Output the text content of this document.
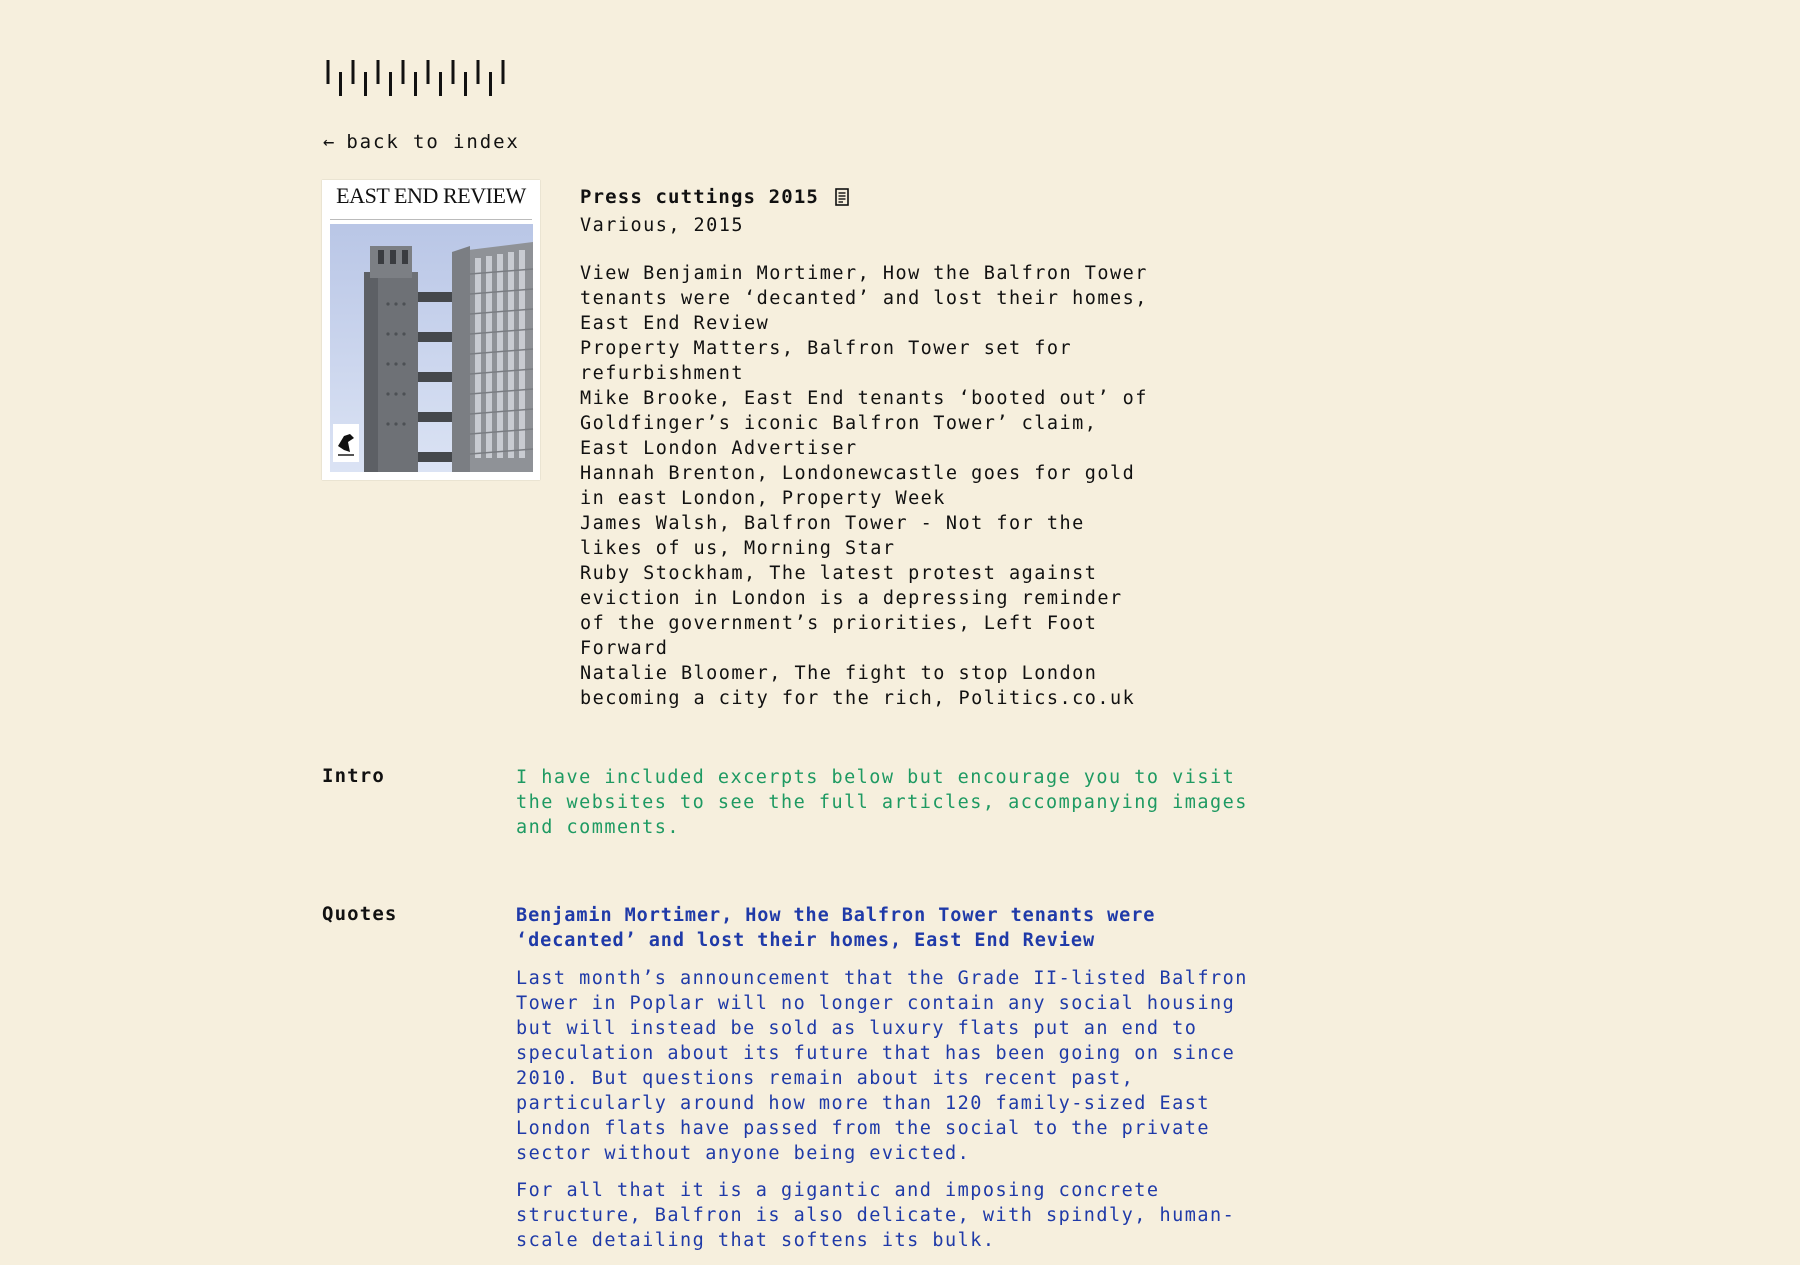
← back to index
EAST END REVIEW	Press cuttings 2015
Various, 2015
View Benjamin Mortimer, How the Balfron Tower tenants were ‘decanted’ and lost their homes, East End Review
Property Matters, Balfron Tower set for refurbishment
Mike Brooke, East End tenants ‘booted out’ of Goldfinger’s iconic Balfron Tower’ claim, East London Advertiser
Hannah Brenton, Londonewcastle goes for gold in east London, Property Week
James Walsh, Balfron Tower - Not for the likes of us, Morning Star
Ruby Stockham, The latest protest against eviction in London is a depressing reminder of the government’s priorities, Left Foot Forward
Natalie Bloomer, The fight to stop London becoming a city for the rich, Politics.co.uk
Intro	I have included excerpts below but encourage you to visit the websites to see the full articles, accompanying images and comments.
Quotes	Benjamin Mortimer, How the Balfron Tower tenants were ‘decanted’ and lost their homes, East End Review

Last month’s announcement that the Grade II-listed Balfron Tower in Poplar will no longer contain any social housing but will instead be sold as luxury flats put an end to speculation about its future that has been going on since 2010. But questions remain about its recent past, particularly around how more than 120 family-sized East London flats have passed from the social to the private sector without anyone being evicted.

For all that it is a gigantic and imposing concrete structure, Balfron is also delicate, with spindly, human-scale detailing that softens its bulk.
